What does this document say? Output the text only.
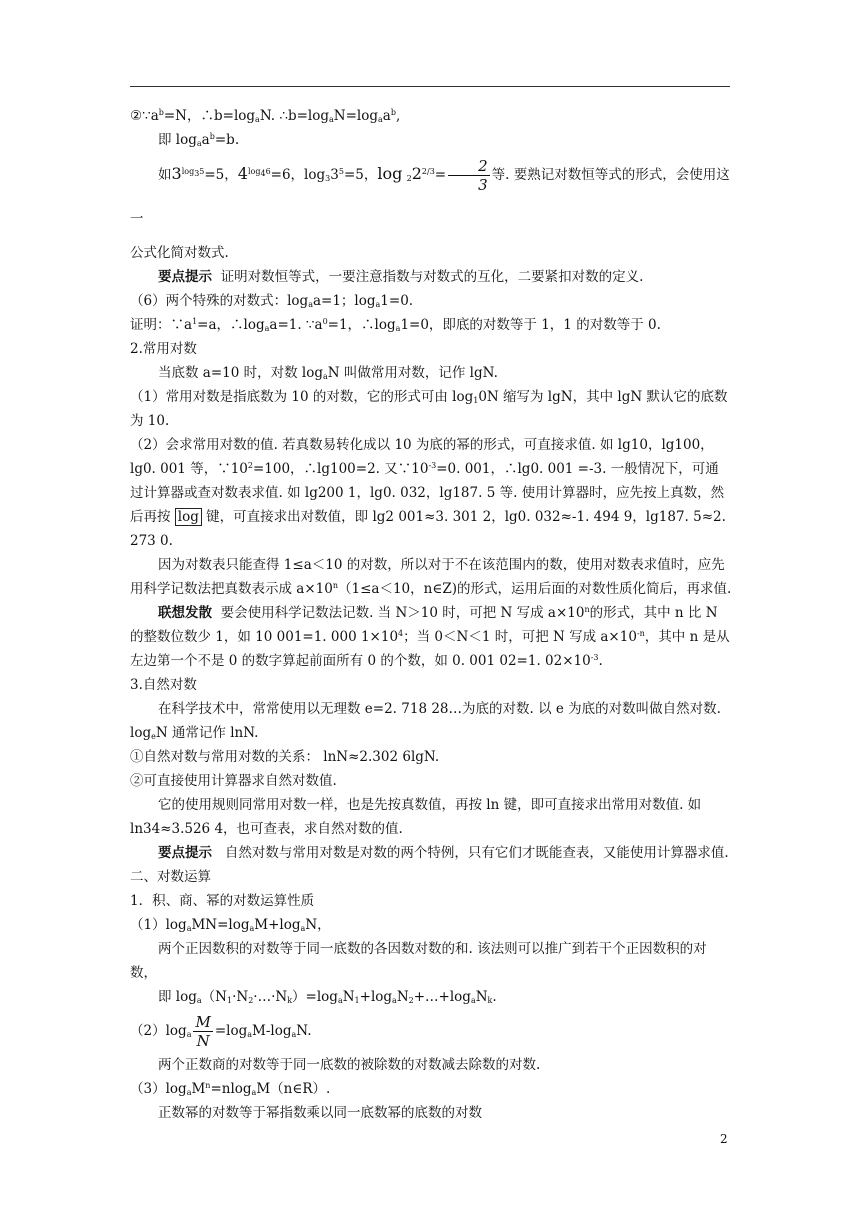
$②\because a^b=N$，$\therefore b=\log_aN$. $\therefore b=\log_aN=\log_aa^b$,

即 $\log_aa^b=b$.

如$3^{log_35}=5$，$4^{log_46}=6$，$\log_33^5=5$，$\log _22^{2/3}= \frac{2}{3}$ 等. 要熟记对数恒等式的形式，会使用这一

公式化简对数式.

要点提示 证明对数恒等式，一要注意指数与对数式的互化，二要紧扣对数的定义.

（6）两个特殊的对数式：$\log_aa=1$；$\log_a1=0$.

证明：$\because a^1=a$，$\therefore\log_aa=1$. $\because a^0=1$，$\therefore\log_a1=0$，即底的对数等于 1，1 的对数等于 0.

2.常用对数

当底数 a=10 时，对数 $\log_aN$ 叫做常用对数，记作 lgN.

（1）常用对数是指底数为 10 的对数，它的形式可由 $\log_10N$ 缩写为 lgN，其中 lgN 默认它的底数为 10.

（2）会求常用对数的值. 若真数易转化成以 10 为底的幂的形式，可直接求值. 如 lg10，lg100，lg0. 001 等，$\because 10^2=100$，∴lg100=2. 又$\because 10^{-3}=0$. 001，∴lg0. 001 =-3. 一般情况下，可通过计算器或查对数表求值. 如 lg200 1，lg0. 032，lg187. 5 等. 使用计算器时，应先按上真数，然后再按 log 键，可直接求出对数值，即 lg2 001≈3. 301 2，lg0. 032≈-1. 494 9，lg187. 5≈2. 273 0.

因为对数表只能查得 1≤a＜10 的对数，所以对于不在该范围内的数，使用对数表求值时，应先用科学记数法把真数表示成 $a\times 10^n(1\le a<10$，n∈Z)的形式，运用后面的对数性质化简后，再求值.

联想发散  要会使用科学记数法记数. 当 N＞10 时，可把 N 写成 $a\times 10^n$的形式，其中 n 比 N 的整数位数少 1，如 10 001=1. 000 $1\times 10^4$；当 0＜N＜1 时，可把 N 写成 $a\times 10^{-n}$，其中 n 是从左边第一个不是 0 的数字算起前面所有 0 的个数，如 0. 001 02=1. $02\times 10^{-3}$.

3.自然对数

在科学技术中，常常使用以无理数 e=2. 718 28…为底的对数. 以 e 为底的对数叫做自然对数. $\log_eN$ 通常记作 lnN.

①自然对数与常用对数的关系： lnN≈2.302 6lgN.

②可直接使用计算器求自然对数值.

它的使用规则同常用对数一样，也是先按真数值，再按 ln 键，即可直接求出常用对数值. 如 ln34≈3.526 4，也可查表，求自然对数的值.

要点提示 自然对数与常用对数是对数的两个特例，只有它们才既能查表，又能使用计算器求值.

二、对数运算

1．积、商、幂的对数运算性质

$(1)\log_aMN=\log_aM+\log_aN$，

两个正因数积的对数等于同一底数的各因数对数的和. 该法则可以推广到若干个正因数积的对数，

即 $\log_a(N_1\cdot N_2\cdot\dots\cdot N_k)=\log_aN_1+\log_aN_2+\dots+\log_aN_k$.

$(2)\log_a \frac{M}{N} =\log_aM-\log_aN$.

两个正数商的对数等于同一底数的被除数的对数减去除数的对数.

$(3)\log_aM^n=nlog_aM(n\in R)$.

正数幂的对数等于幂指数乘以同一底数幂的底数的对数

2
